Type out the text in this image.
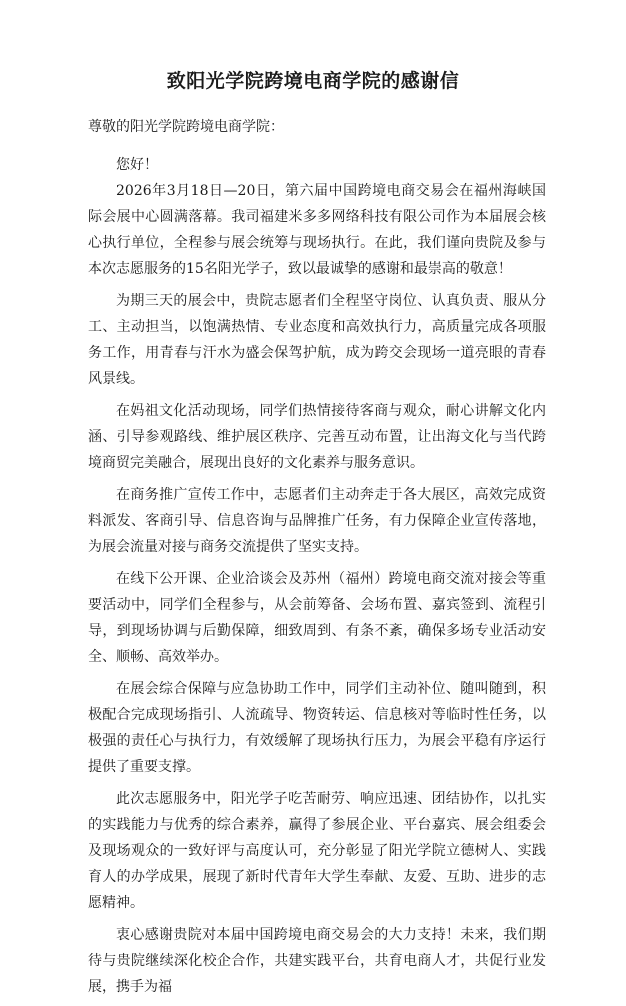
致阳光学院跨境电商学院的感谢信
尊敬的阳光学院跨境电商学院：

您好！

2026年3月18日—20日，第六届中国跨境电商交易会在福州海峡国际会展中心圆满落幕。我司福建米多多网络科技有限公司作为本届展会核心执行单位，全程参与展会统筹与现场执行。在此，我们谨向贵院及参与本次志愿服务的15名阳光学子，致以最诚挚的感谢和最崇高的敬意！

为期三天的展会中，贵院志愿者们全程坚守岗位、认真负责、服从分工、主动担当，以饱满热情、专业态度和高效执行力，高质量完成各项服务工作，用青春与汗水为盛会保驾护航，成为跨交会现场一道亮眼的青春风景线。

在妈祖文化活动现场，同学们热情接待客商与观众，耐心讲解文化内涵、引导参观路线、维护展区秩序、完善互动布置，让出海文化与当代跨境商贸完美融合，展现出良好的文化素养与服务意识。

在商务推广宣传工作中，志愿者们主动奔走于各大展区，高效完成资料派发、客商引导、信息咨询与品牌推广任务，有力保障企业宣传落地，为展会流量对接与商务交流提供了坚实支持。

在线下公开课、企业洽谈会及苏州（福州）跨境电商交流对接会等重要活动中，同学们全程参与，从会前筹备、会场布置、嘉宾签到、流程引导，到现场协调与后勤保障，细致周到、有条不紊，确保多场专业活动安全、顺畅、高效举办。

在展会综合保障与应急协助工作中，同学们主动补位、随叫随到，积极配合完成现场指引、人流疏导、物资转运、信息核对等临时性任务，以极强的责任心与执行力，有效缓解了现场执行压力，为展会平稳有序运行提供了重要支撑。

此次志愿服务中，阳光学子吃苦耐劳、响应迅速、团结协作，以扎实的实践能力与优秀的综合素养，赢得了参展企业、平台嘉宾、展会组委会及现场观众的一致好评与高度认可，充分彰显了阳光学院立德树人、实践育人的办学成果，展现了新时代青年大学生奉献、友爱、互助、进步的志愿精神。

衷心感谢贵院对本届中国跨境电商交易会的大力支持！未来，我们期待与贵院继续深化校企合作，共建实践平台，共育电商人才，共促行业发展，携手为福
